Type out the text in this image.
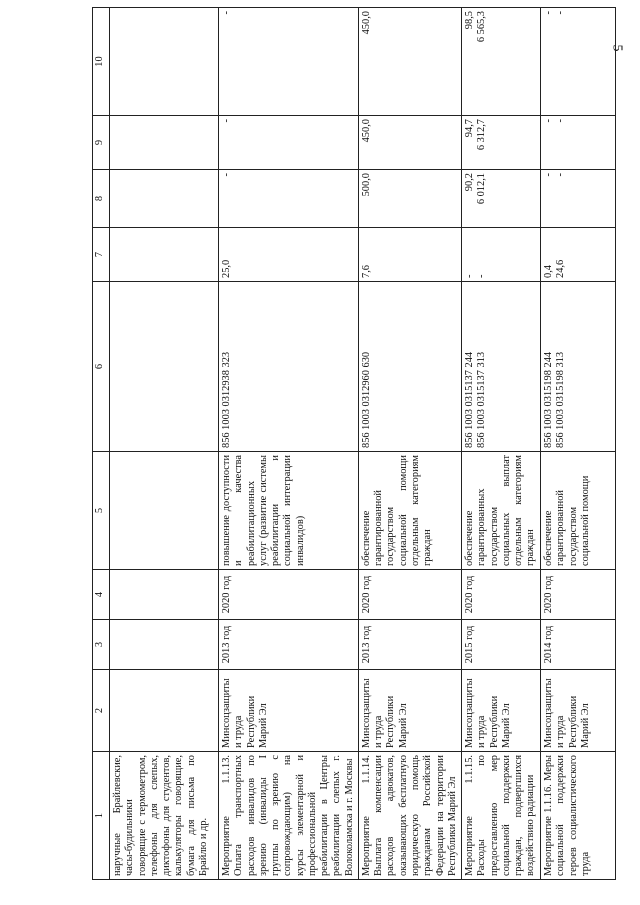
5
1	2	3	4	5	6	7	8	9	10
наручные Брайлевские, часы-будильники говорящие с термометром, телефоны для слепых, диктофоны для студентов, калькуляторы говорящие, бумага для письма по Брайлю и др.					

Мероприятие 1.1.13. Оплата транспортных расходов инвалидов по зрению (инвалиды I группы по зрению с сопровождающим) на курсы элементарной и профессиональной реабилитации в Центры реабилитации слепых г. Волоколамска и г. Москвы	Минсоцзащиты и труда Республики Марий Эл	2013 год	2020 год	повышение доступности и качества реабилитационных услуг (развитие системы реабилитации и социальной интеграции инвалидов)	856 1003 0312938 323	25,0	-	-	-

Мероприятие 1.1.14. Выплата компенсации расходов адвокатов, оказывающих бесплатную юридическую помощь гражданам Российской Федерации на территории Республики Марий Эл	Минсоцзащиты и труда Республики Марий Эл	2013 год	2020 год	обеспечение гарантированной государством социальной помощи отдельным категориям граждан	856 1003 0312960 630	7,6	500,0	450,0	450,0

Мероприятие 1.1.15. Расходы по предоставлению мер социальной поддержки граждан, подвергшихся воздействию радиации	Минсоцзащиты и труда Республики Марий Эл	2015 год	2020 год	обеспечение гарантированных государством социальных выплат отдельным категориям граждан	856 1003 0315137 244 856 1003 0315137 313	- -	90,2 6 012,1	94,7 6 312,7	98,5 6 565,3

Мероприятие 1.1.16. Меры социальной поддержки героев социалистического труда	Минсоцзащиты и труда Республики Марий Эл	2014 год	2020 год	обеспечение гарантированной государством социальной помощи	856 1003 0315198 244 856 1003 0315198 313	0,4 24,6	- -	- -	- -
